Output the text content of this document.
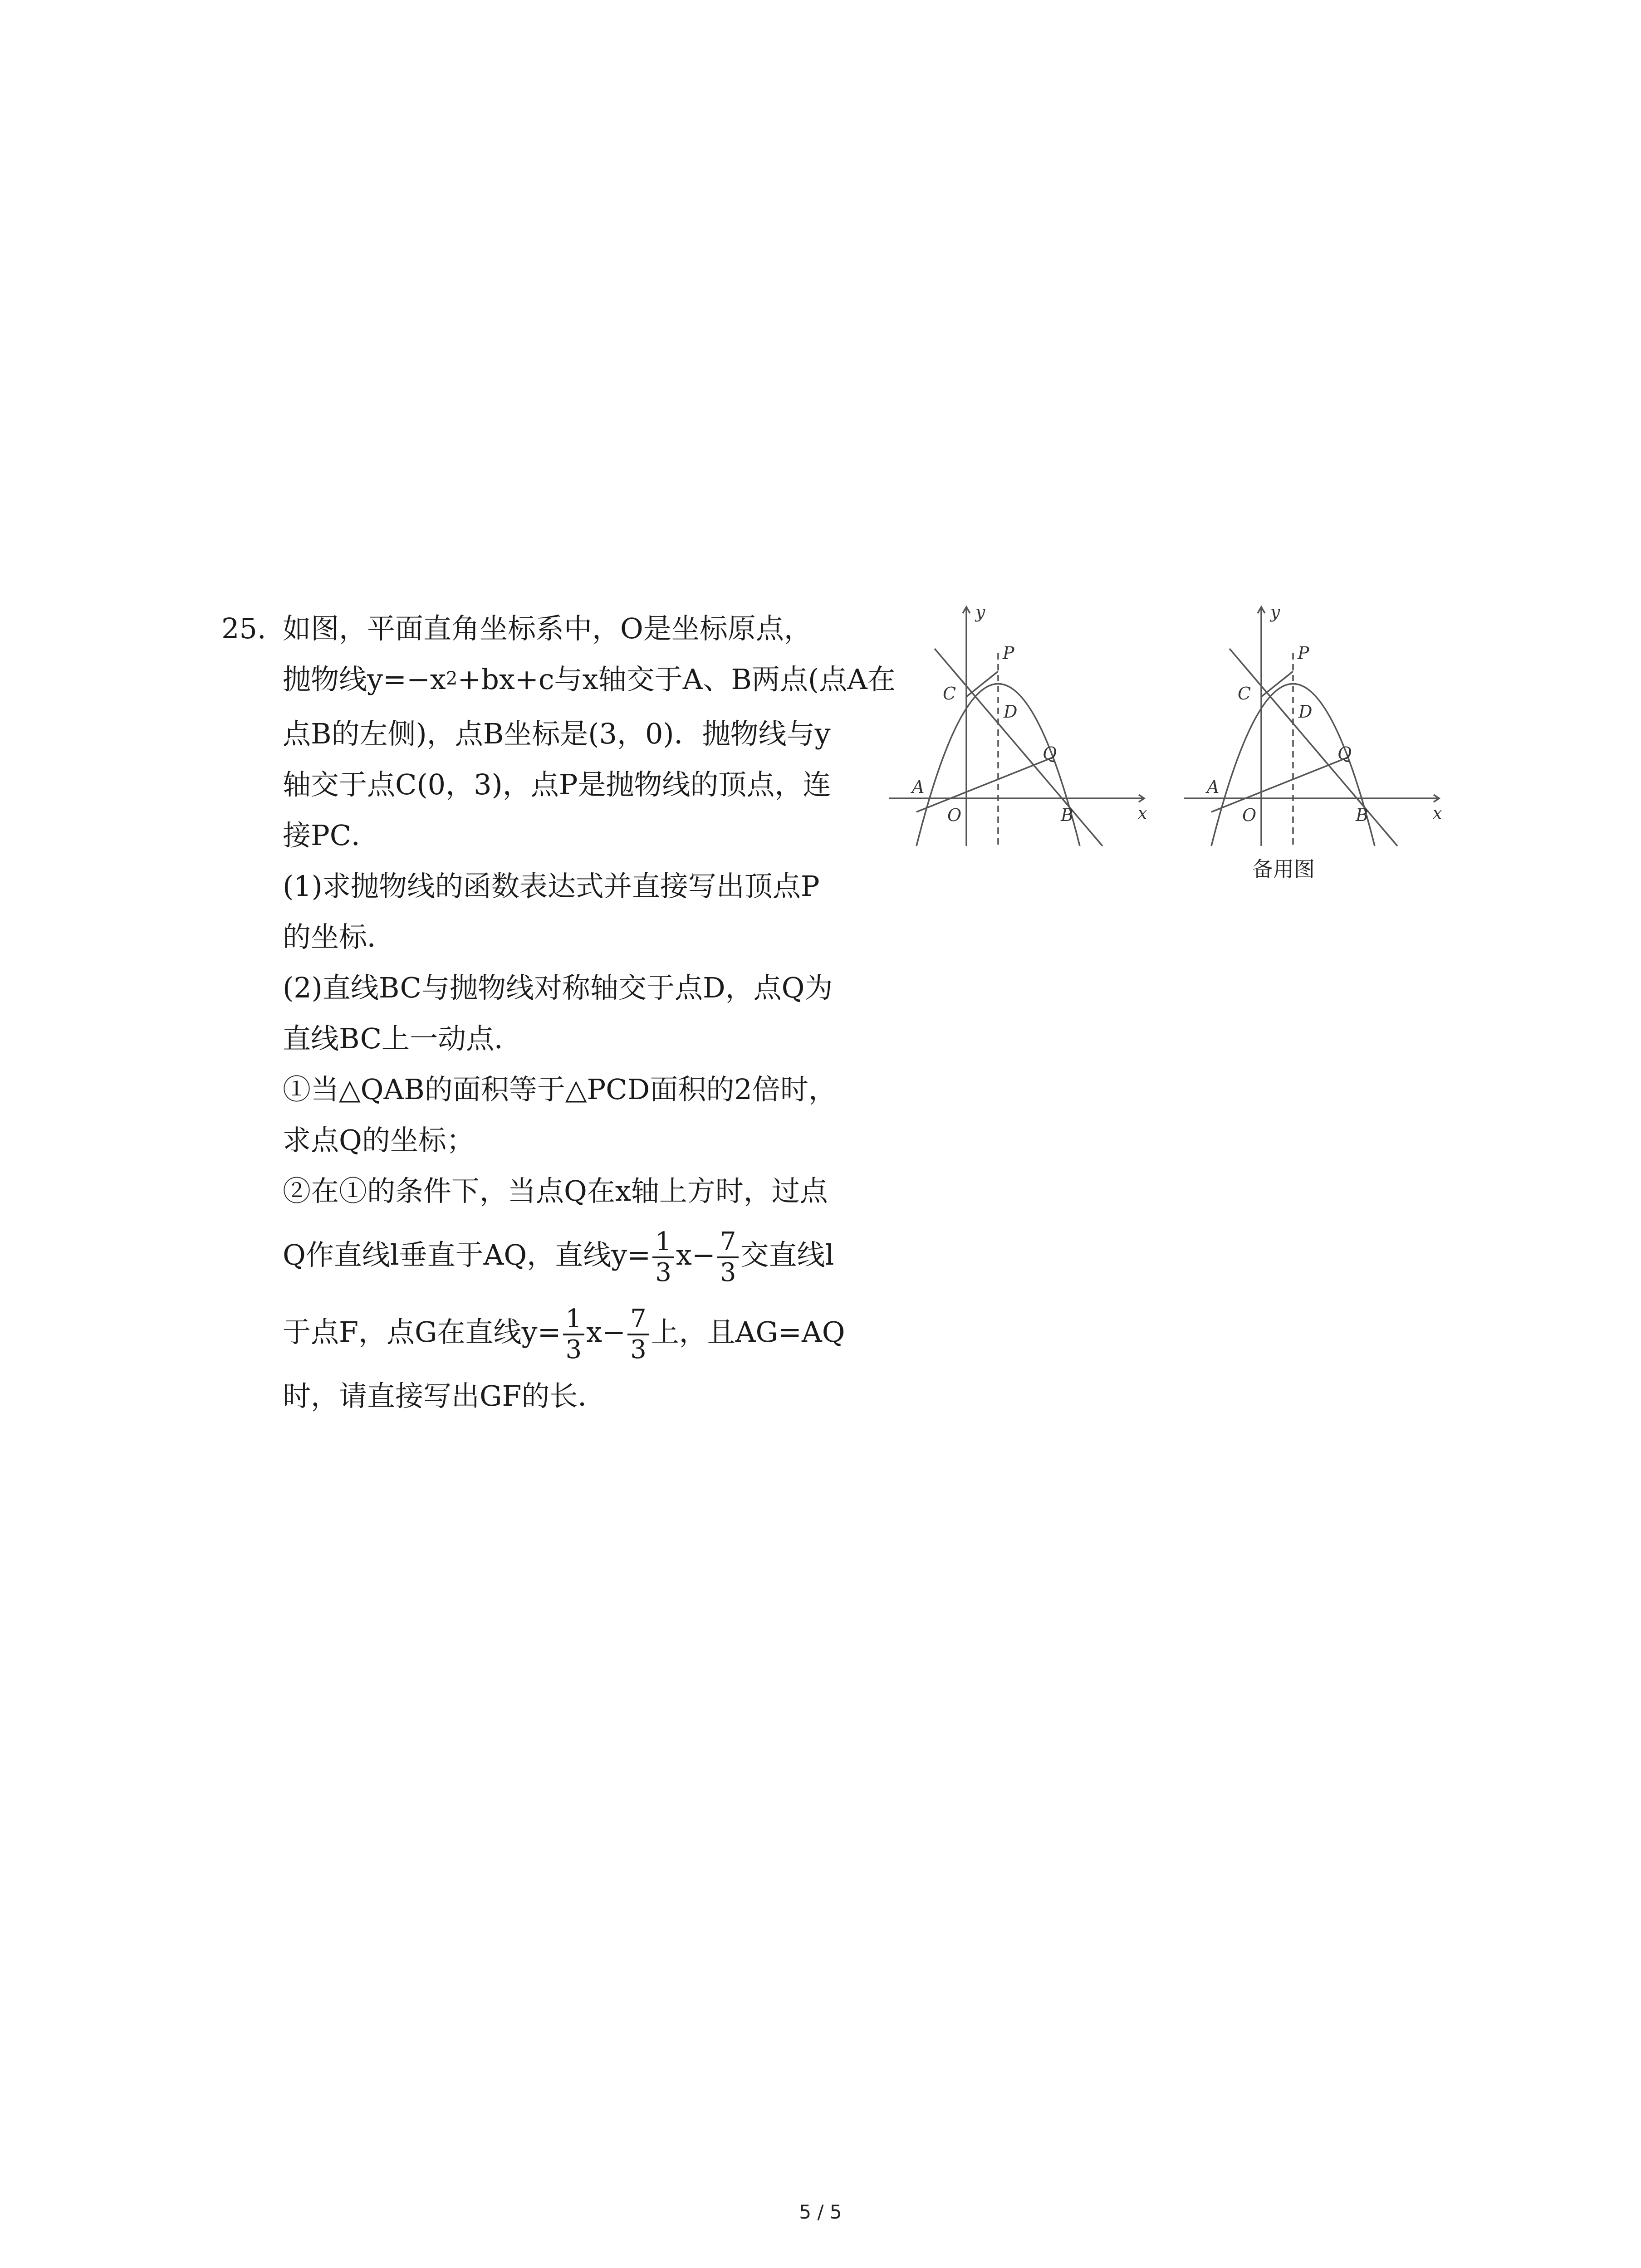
25. 如图，平面直角坐标系中，O是坐标原点，
抛物线$y=-x^2+bx+c$与x轴交于A、B两点(点A在
点B的左侧)，点B坐标是(3，0)．抛物线与y
轴交于点C(0，3)，点P是抛物线的顶点，连
接PC．
(1)求抛物线的函数表达式并直接写出顶点P
的坐标．
(2)直线BC与抛物线对称轴交于点D，点Q为
直线BC上一动点．
①当△QAB的面积等于△PCD面积的2倍时，
求点Q的坐标；
②在①的条件下，当点Q在x轴上方时，过点
Q作直线l垂直于AQ，直线$y= \frac{1}{3} x- \frac{7}{3}$ 交直线l
于点F，点G在直线$y= \frac{1}{3} x- \frac{7}{3}$ 上，且AG=AQ
时，请直接写出GF的长．
y
x
P
C
D
Q
A
O	B
y
x
P
C
D
Q
A
O	B
备用图
5 / 5
